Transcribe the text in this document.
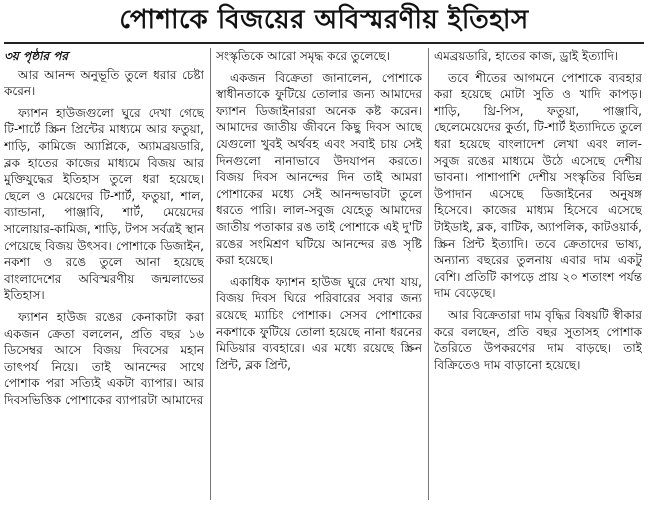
পোশাকে বিজয়ের অবিস্মরণীয় ইতিহাস
৩য় পৃষ্ঠার পর

আর আনন্দ অনুভূতি তুলে ধরার চেষ্টা করেন।

ফ্যাশন হাউজগুলো ঘুরে দেখা গেছে টি-শার্টে স্ক্রিন প্রিন্টের মাধ্যমে আর ফতুয়া, শাড়ি, কামিজে অ্যাপ্লিকে, অ্যামব্রয়ডারি, ব্লক হাতের কাজের মাধ্যমে বিজয় আর মুক্তিযুদ্ধের ইতিহাস তুলে ধরা হয়েছে। ছেলে ও মেয়েদের টি-শার্ট, ফতুয়া, শাল, ব্যান্ডানা, পাঞ্জাবি, শার্ট, মেয়েদের সালোয়ার-কামিজ, শাড়ি, টপস সর্বত্রই স্থান পেয়েছে বিজয় উৎসব। পোশাকে ডিজাইন, নকশা ও রঙে তুলে আনা হয়েছে বাংলাদেশের অবিস্মরণীয় জন্মলাভের ইতিহাস।

ফ্যাশন হাউজ রঙের কেনাকাটা করা একজন ক্রেতা বললেন, প্রতি বছর ১৬ ডিসেম্বর আসে বিজয় দিবসের মহান তাৎপর্য নিয়ে। তাই আনন্দের সাথে পোশাক পরা সত্যিই একটা ব্যাপার। আর দিবসভিত্তিক পোশাকের ব্যাপারটা আমাদের

সংস্কৃতিকে আরো সমৃদ্ধ করে তুলেছে।

একজন বিক্রেতা জানালেন, পোশাকে স্বাধীনতাকে ফুটিয়ে তোলার জন্য আমাদের ফ্যাশন ডিজাইনাররা অনেক কষ্ট করেন। আমাদের জাতীয় জীবনে কিছু দিবস আছে যেগুলো খুবই অর্থবহ এবং সবাই চায় সেই দিনগুলো নানাভাবে উদযাপন করতে। বিজয় দিবস আনন্দের দিন তাই আমরা পোশাকের মধ্যে সেই আনন্দভাবটা তুলে ধরতে পারি। লাল-সবুজ যেহেতু আমাদের জাতীয় পতাকার রঙ তাই পোশাকে এই দু'টি রঙের সংমিশ্রণ ঘটিয়ে আনন্দের রঙ সৃষ্টি করা হয়েছে।

একাধিক ফ্যাশন হাউজ ঘুরে দেখা যায়, বিজয় দিবস ঘিরে পরিবারের সবার জন্য রয়েছে ম্যাচিং পোশাক। সেসব পোশাকের নকশাকে ফুটিয়ে তোলা হয়েছে নানা ধরনের মিডিয়ার ব্যবহারে। এর মধ্যে রয়েছে স্ক্রিন প্রিন্ট, ব্লক প্রিন্ট,

এমব্রয়ডারি, হাতের কাজ, ড্রাই ইত্যাদি।

তবে শীতের আগমনে পোশাকে ব্যবহার করা হয়েছে মোটা সুতি ও খাদি কাপড়। শাড়ি, থ্রি-পিস, ফতুয়া, পাঞ্জাবি, ছেলেমেয়েদের কুর্তা, টি-শার্ট ইত্যাদিতে তুলে ধরা হয়েছে বাংলাদেশ লেখা এবং লাল-সবুজ রঙের মাধ্যমে উঠে এসেছে দেশীয় ভাবনা। পাশাপাশি দেশীয় সংস্কৃতির বিভিন্ন উপাদান এসেছে ডিজাইনের অনুষঙ্গ হিসেবে। কাজের মাধ্যম হিসেবে এসেছে টাইডাই, ব্লক, বাটিক, অ্যাপলিক, কাটওয়ার্ক, স্ক্রিন প্রিন্ট ইত্যাদি। তবে ক্রেতাদের ভাষ্য, অন্যান্য বছরের তুলনায় এবার দাম একটু বেশি। প্রতিটি কাপড়ে প্রায় ২০ শতাংশ পর্যন্ত দাম বেড়েছে।

আর বিক্রেতারা দাম বৃদ্ধির বিষয়টি স্বীকার করে বলছেন, প্রতি বছর সুতাসহ পোশাক তৈরিতে উপকরণের দাম বাড়ছে। তাই বিক্রিতেও দাম বাড়ানো হয়েছে।
